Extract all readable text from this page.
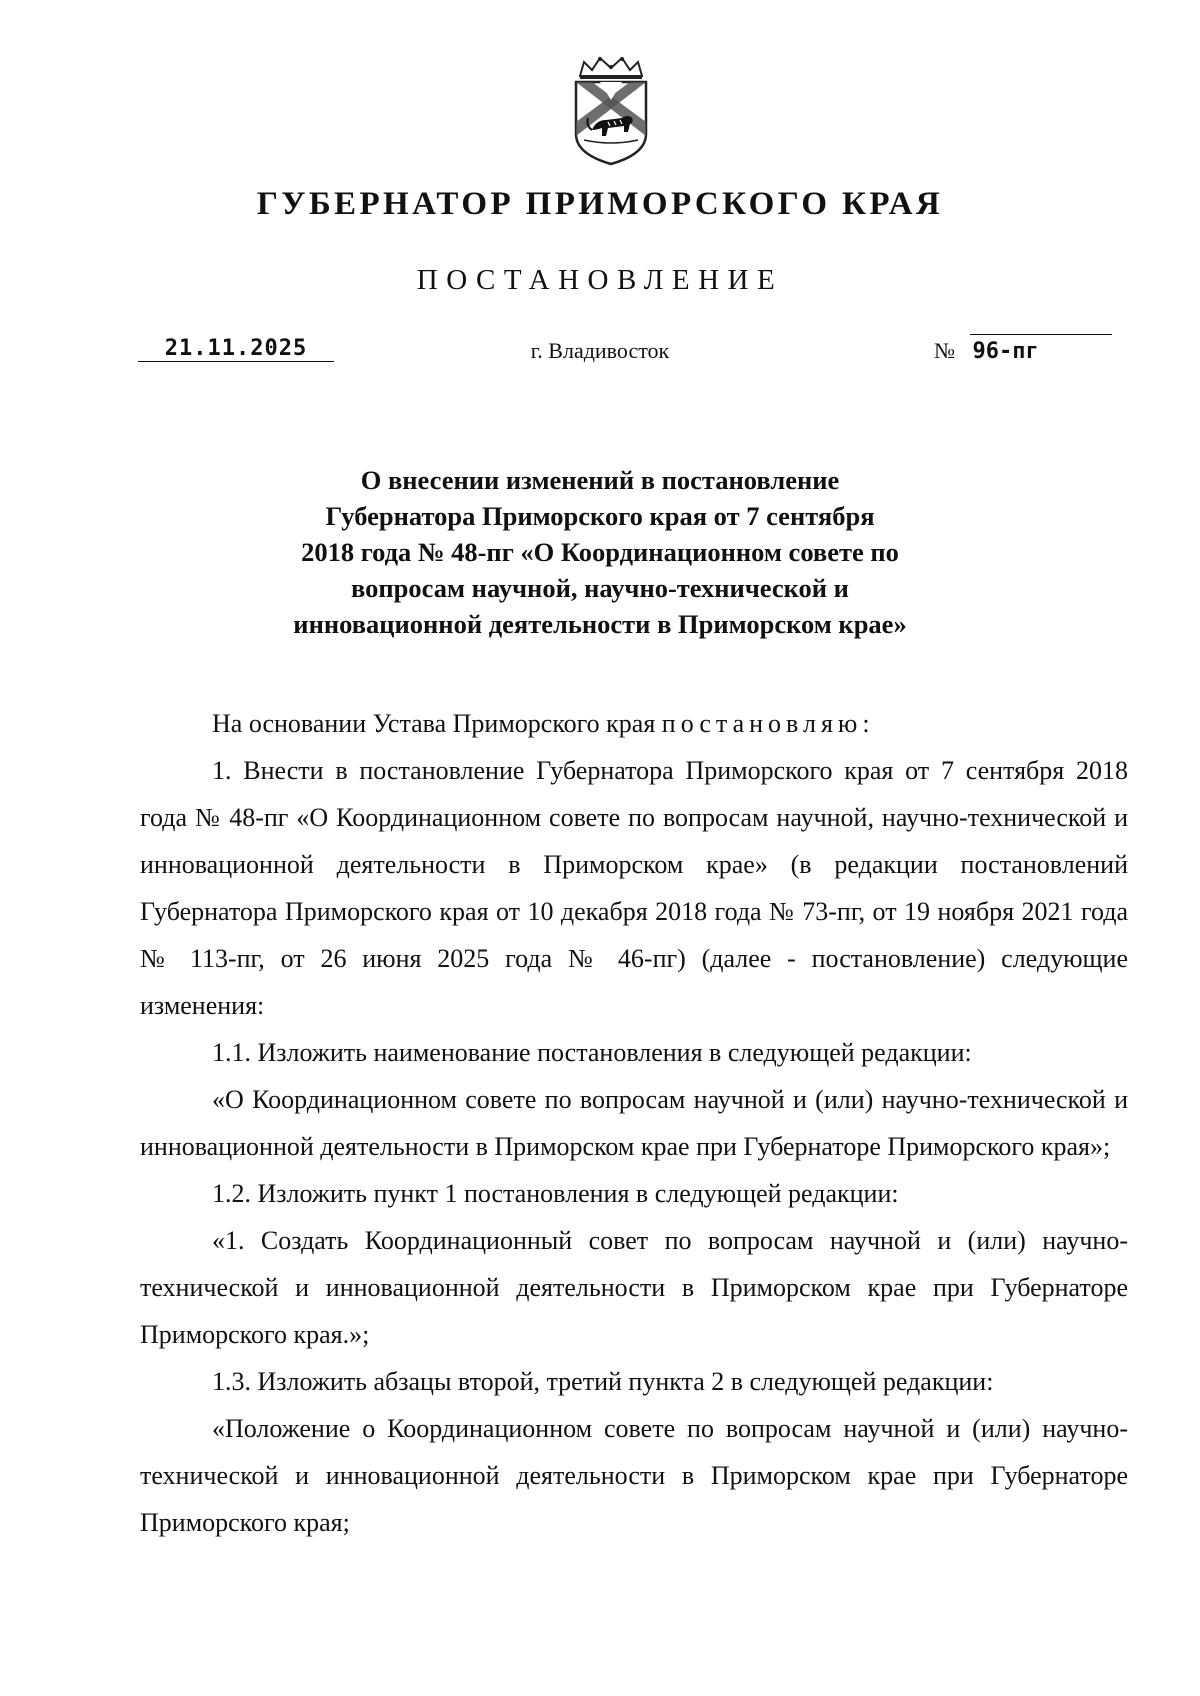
ГУБЕРНАТОР ПРИМОРСКОГО КРАЯ
ПОСТАНОВЛЕНИЕ
21.11.2025	г. Владивосток	№ 96-пг
О внесении изменений в постановление
Губернатора Приморского края от 7 сентября
2018 года № 48-пг «О Координационном совете по
вопросам научной, научно-технической и
инновационной деятельности в Приморском крае»

На основании Устава Приморского края постановляю:

1. Внести в постановление Губернатора Приморского края от 7 сентября 2018 года № 48-пг «О Координационном совете по вопросам научной, научно-технической и инновационной деятельности в Приморском крае» (в редакции постановлений Губернатора Приморского края от 10 декабря 2018 года № 73-пг, от 19 ноября 2021 года № 113-пг, от 26 июня 2025 года № 46-пг) (далее - постановление) следующие изменения:

1.1. Изложить наименование постановления в следующей редакции:

«О Координационном совете по вопросам научной и (или) научно-технической и инновационной деятельности в Приморском крае при Губернаторе Приморского края»;

1.2. Изложить пункт 1 постановления в следующей редакции:

«1. Создать Координационный совет по вопросам научной и (или) научно-технической и инновационной деятельности в Приморском крае при Губернаторе Приморского края.»;

1.3. Изложить абзацы второй, третий пункта 2 в следующей редакции:

«Положение о Координационном совете по вопросам научной и (или) научно-технической и инновационной деятельности в Приморском крае при Губернаторе Приморского края;
